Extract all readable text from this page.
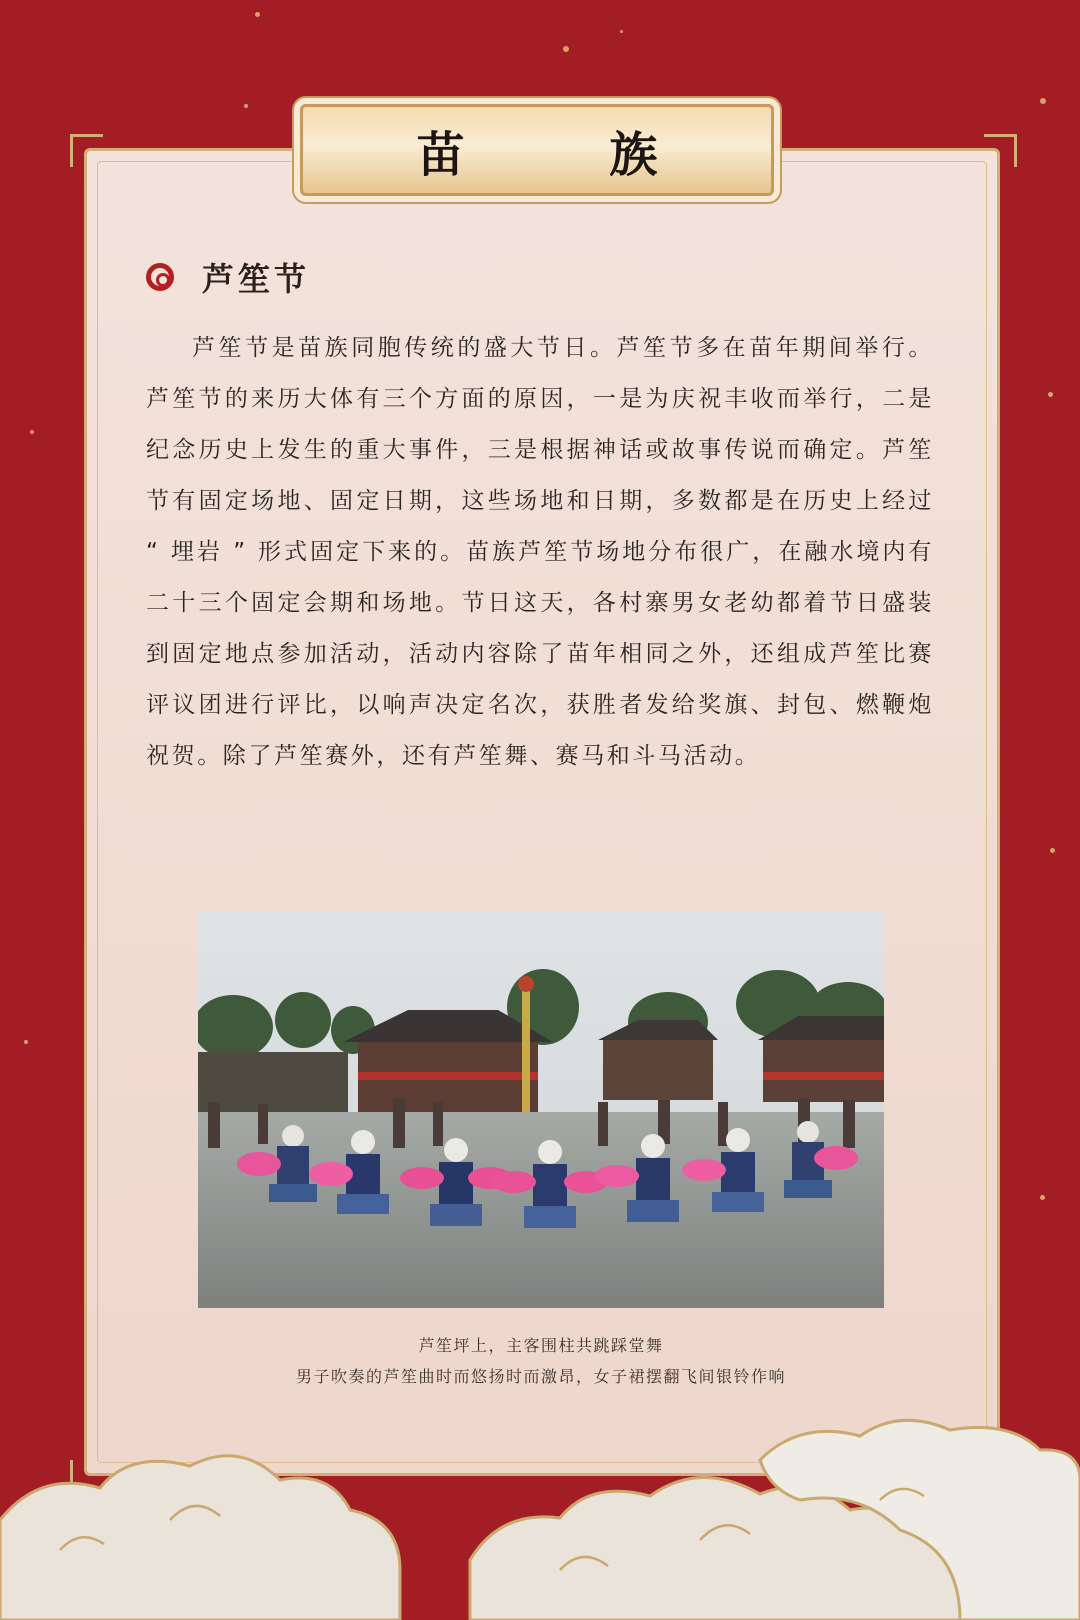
苗 族
芦笙节

芦笙节是苗族同胞传统的盛大节日。芦笙节多在苗年期间举行。芦笙节的来历大体有三个方面的原因，一是为庆祝丰收而举行，二是纪念历史上发生的重大事件，三是根据神话或故事传说而确定。芦笙节有固定场地、固定日期，这些场地和日期，多数都是在历史上经过 “ 埋岩 ” 形式固定下来的。苗族芦笙节场地分布很广，在融水境内有二十三个固定会期和场地。节日这天，各村寨男女老幼都着节日盛装到固定地点参加活动，活动内容除了苗年相同之外，还组成芦笙比赛评议团进行评比，以响声决定名次，获胜者发给奖旗、封包、燃鞭炮祝贺。除了芦笙赛外，还有芦笙舞、赛马和斗马活动。

芦笙坪上，主客围柱共跳踩堂舞
男子吹奏的芦笙曲时而悠扬时而激昂，女子裙摆翻飞间银铃作响
